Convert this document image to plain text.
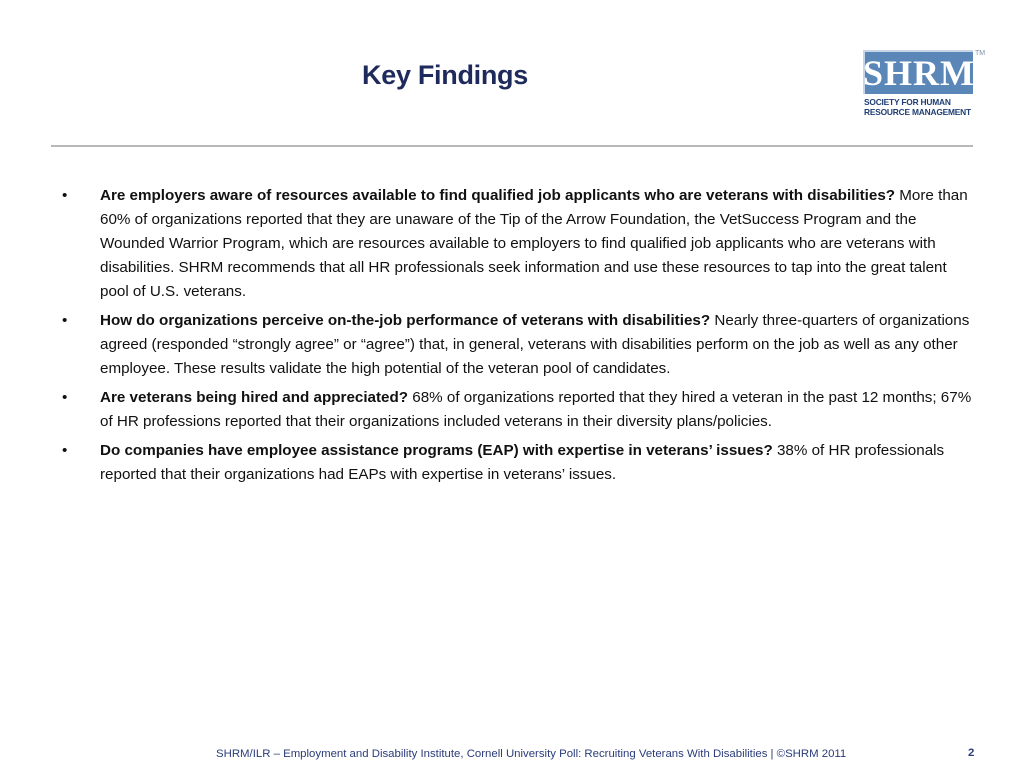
Key Findings	SHRM TM
SOCIETY FOR HUMAN
RESOURCE MANAGEMENT
• Are employers aware of resources available to find qualified job applicants who are veterans with disabilities? More than 60% of organizations reported that they are unaware of the Tip of the Arrow Foundation, the VetSuccess Program and the Wounded Warrior Program, which are resources available to employers to find qualified job applicants who are veterans with disabilities. SHRM recommends that all HR professionals seek information and use these resources to tap into the great talent pool of U.S. veterans.
• How do organizations perceive on-the-job performance of veterans with disabilities? Nearly three-quarters of organizations agreed (responded “strongly agree” or “agree”) that, in general, veterans with disabilities perform on the job as well as any other employee. These results validate the high potential of the veteran pool of candidates.
• Are veterans being hired and appreciated? 68% of organizations reported that they hired a veteran in the past 12 months; 67% of HR professions reported that their organizations included veterans in their diversity plans/policies.
• Do companies have employee assistance programs (EAP) with expertise in veterans’ issues? 38% of HR professionals reported that their organizations had EAPs with expertise in veterans’ issues.
SHRM/ILR – Employment and Disability Institute, Cornell University Poll: Recruiting Veterans With Disabilities | ©SHRM 2011	2
